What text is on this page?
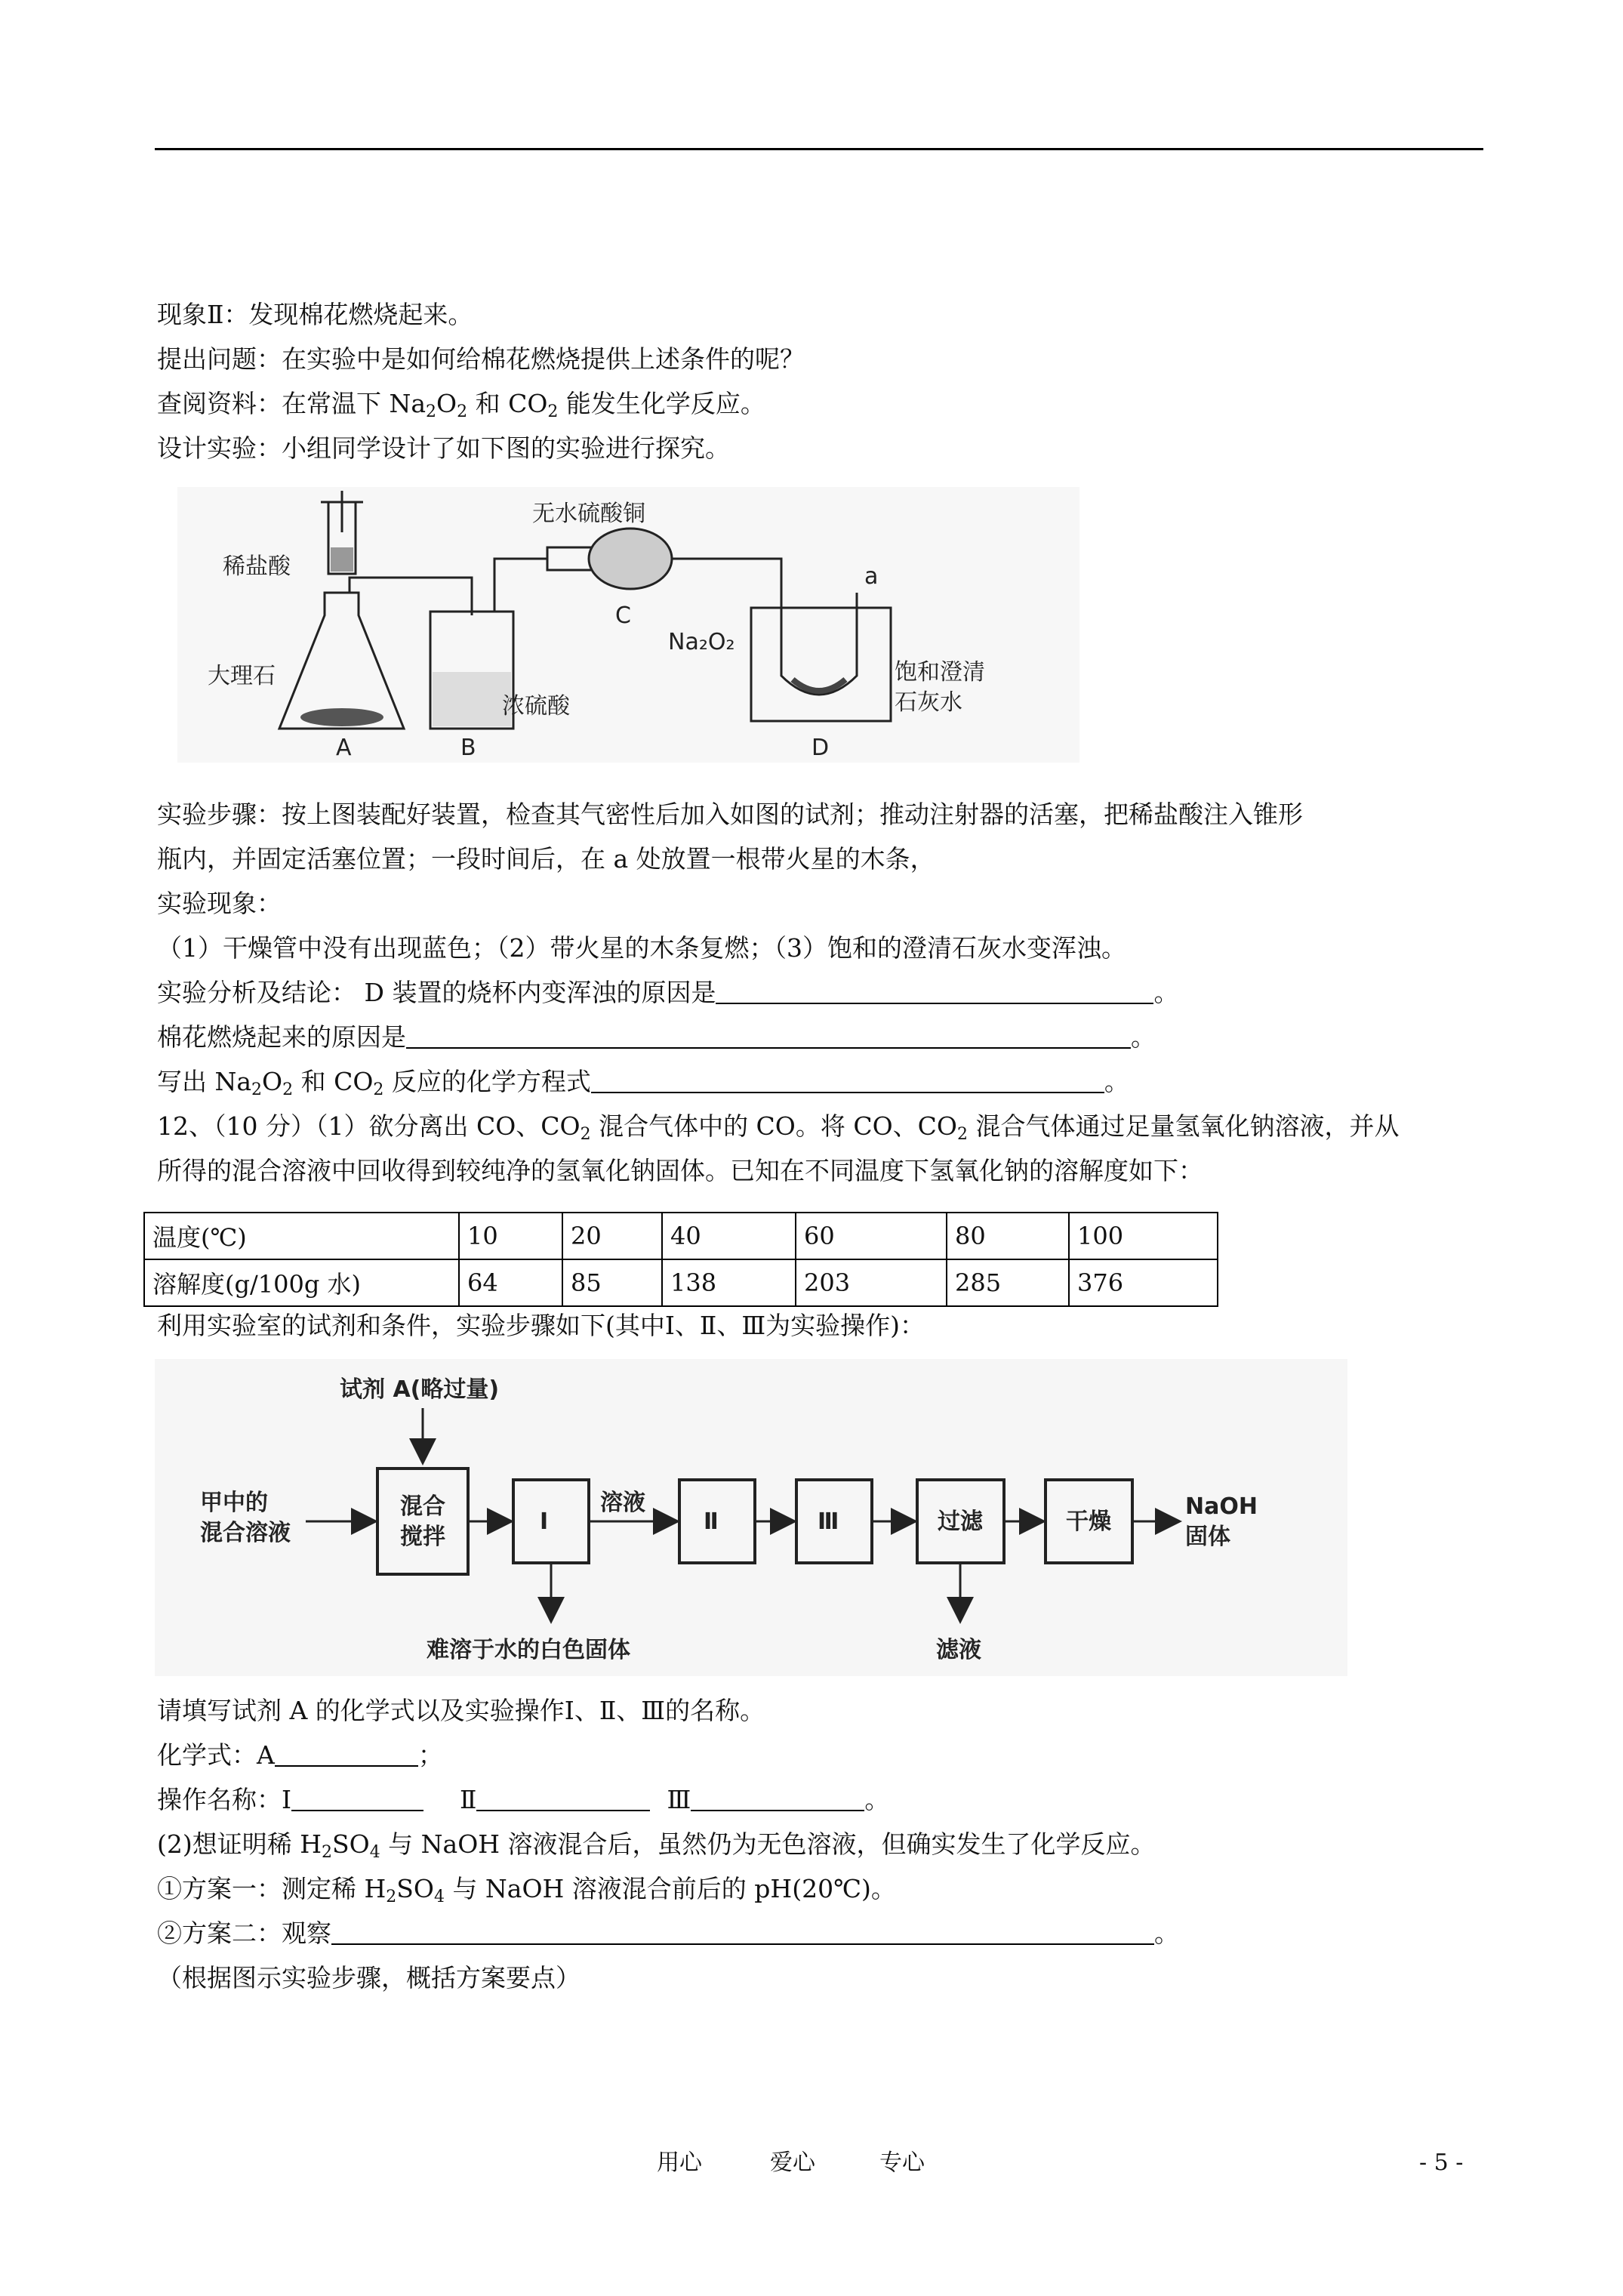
现象Ⅱ：发现棉花燃烧起来。
提出问题：在实验中是如何给棉花燃烧提供上述条件的呢？
查阅资料：在常温下 $Na_2O_2$ 和 $CO_2$ 能发生化学反应。
设计实验：小组同学设计了如下图的实验进行探究。
稀盐酸
大理石
A
浓硫酸
B
无水硫酸铜
C
a
Na₂O₂
饱和澄清
石灰水
D
实验步骤：按上图装配好装置，检查其气密性后加入如图的试剂；推动注射器的活塞，把稀盐酸注入锥形
瓶内，并固定活塞位置；一段时间后，在 a 处放置一根带火星的木条，
实验现象：
（1）干燥管中没有出现蓝色；（2）带火星的木条复燃；（3）饱和的澄清石灰水变浑浊。
实验分析及结论： D 装置的烧杯内变浑浊的原因是	。
棉花燃烧起来的原因是	。
写出 $Na_2O_2$ 和 $CO_2$ 反应的化学方程式	。
12、（10 分）（1）欲分离出 CO、$CO_2$ 混合气体中的 CO。将 CO、$CO_2$ 混合气体通过足量氢氧化钠溶液，并从
所得的混合溶液中回收得到较纯净的氢氧化钠固体。已知在不同温度下氢氧化钠的溶解度如下：
温度(℃)	10	20	40	60	80	100
溶解度(g/100g 水)	64	85	138	203	285	376
利用实验室的试剂和条件，实验步骤如下(其中Ⅰ、Ⅱ、Ⅲ为实验操作)：
试剂 A(略过量)
甲中的
混合溶液
混合
搅拌
Ⅰ
难溶于水的白色固体
溶液
Ⅱ	Ⅲ	过滤
滤液
干燥
NaOH
固体
请填写试剂 A 的化学式以及实验操作Ⅰ、Ⅱ、Ⅲ的名称。
化学式：A	；
操作名称：Ⅰ	Ⅱ	Ⅲ	。
(2)想证明稀 $H_2SO_4$ 与 NaOH 溶液混合后，虽然仍为无色溶液，但确实发生了化学反应。
①方案一：测定稀 $H_2SO_4$ 与 NaOH 溶液混合前后的 pH(20℃)。
②方案二：观察	。
（根据图示实验步骤，概括方案要点）
用心	爱心	专心	- 5 -
